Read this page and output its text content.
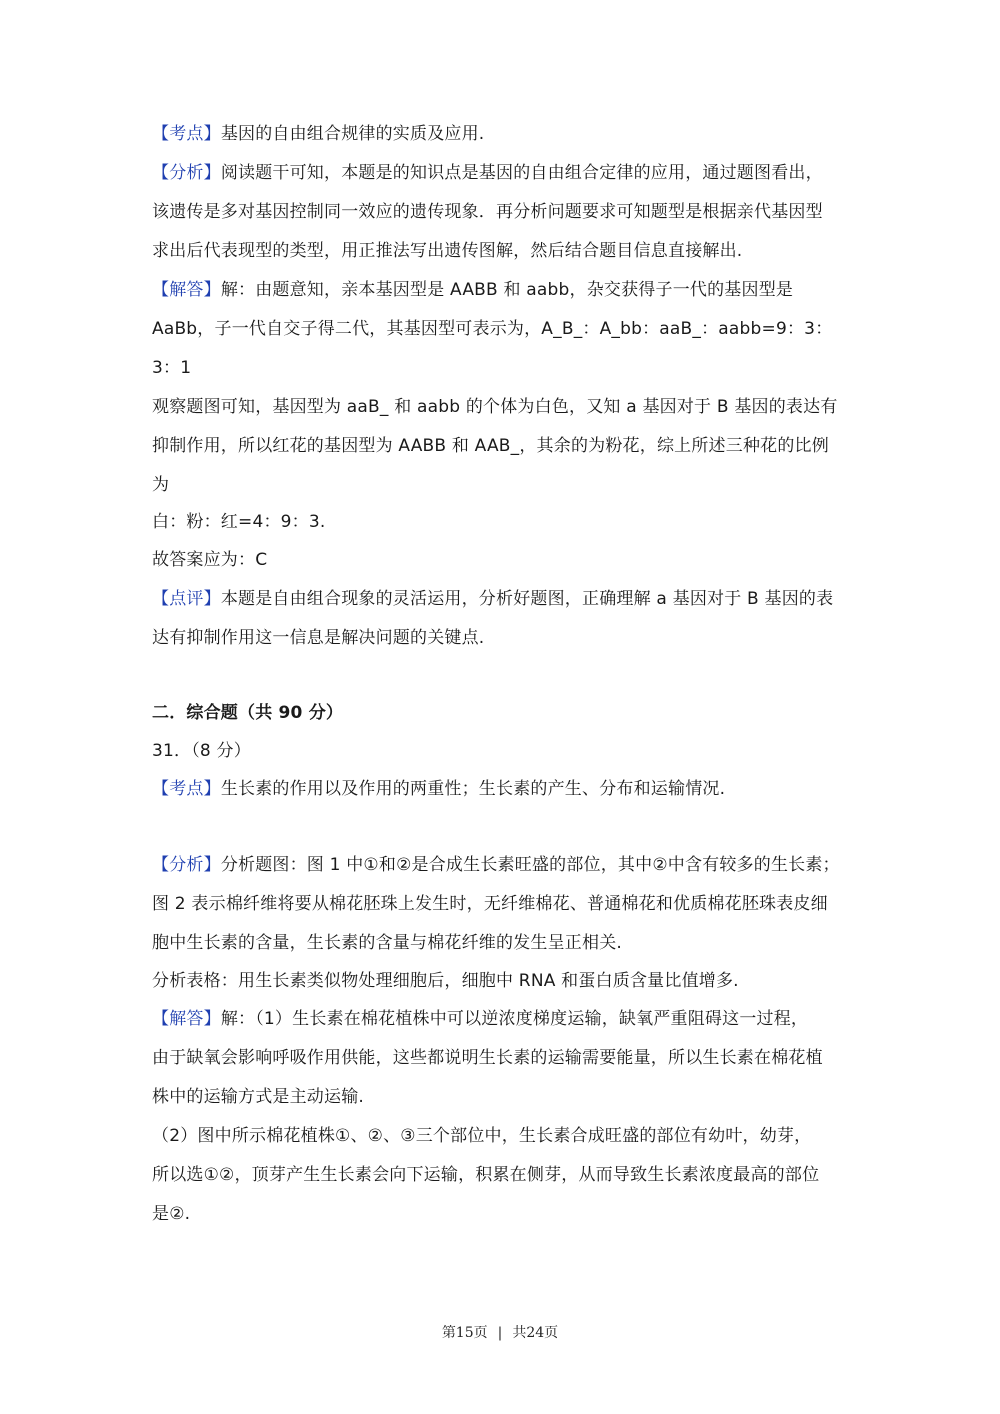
【考点】基因的自由组合规律的实质及应用.
【分析】阅读题干可知，本题是的知识点是基因的自由组合定律的应用，通过题图看出，
该遗传是多对基因控制同一效应的遗传现象．再分析问题要求可知题型是根据亲代基因型
求出后代表现型的类型，用正推法写出遗传图解，然后结合题目信息直接解出.
【解答】解：由题意知，亲本基因型是 AABB 和 aabb，杂交获得子一代的基因型是
AaBb，子一代自交子得二代，其基因型可表示为，A_B_：A_bb：aaB_：aabb=9：3：
3：1
观察题图可知，基因型为 aaB_ 和 aabb 的个体为白色，又知 a 基因对于 B 基因的表达有
抑制作用，所以红花的基因型为 AABB 和 AAB_，其余的为粉花，综上所述三种花的比例
为
白：粉：红=4：9：3.
故答案应为：C
【点评】本题是自由组合现象的灵活运用，分析好题图，正确理解 a 基因对于 B 基因的表
达有抑制作用这一信息是解决问题的关键点.
二．综合题（共 90 分）
31．（8 分）
【考点】生长素的作用以及作用的两重性；生长素的产生、分布和运输情况.
【分析】分析题图：图 1 中①和②是合成生长素旺盛的部位，其中②中含有较多的生长素；
图 2 表示棉纤维将要从棉花胚珠上发生时，无纤维棉花、普通棉花和优质棉花胚珠表皮细
胞中生长素的含量，生长素的含量与棉花纤维的发生呈正相关.
分析表格：用生长素类似物处理细胞后，细胞中 RNA 和蛋白质含量比值增多.
【解答】解：（1）生长素在棉花植株中可以逆浓度梯度运输，缺氧严重阻碍这一过程，
由于缺氧会影响呼吸作用供能，这些都说明生长素的运输需要能量，所以生长素在棉花植
株中的运输方式是主动运输.
（2）图中所示棉花植株①、②、③三个部位中，生长素合成旺盛的部位有幼叶，幼芽，
所以选①②，顶芽产生生长素会向下运输，积累在侧芽，从而导致生长素浓度最高的部位
是②.
第15页 | 共24页
